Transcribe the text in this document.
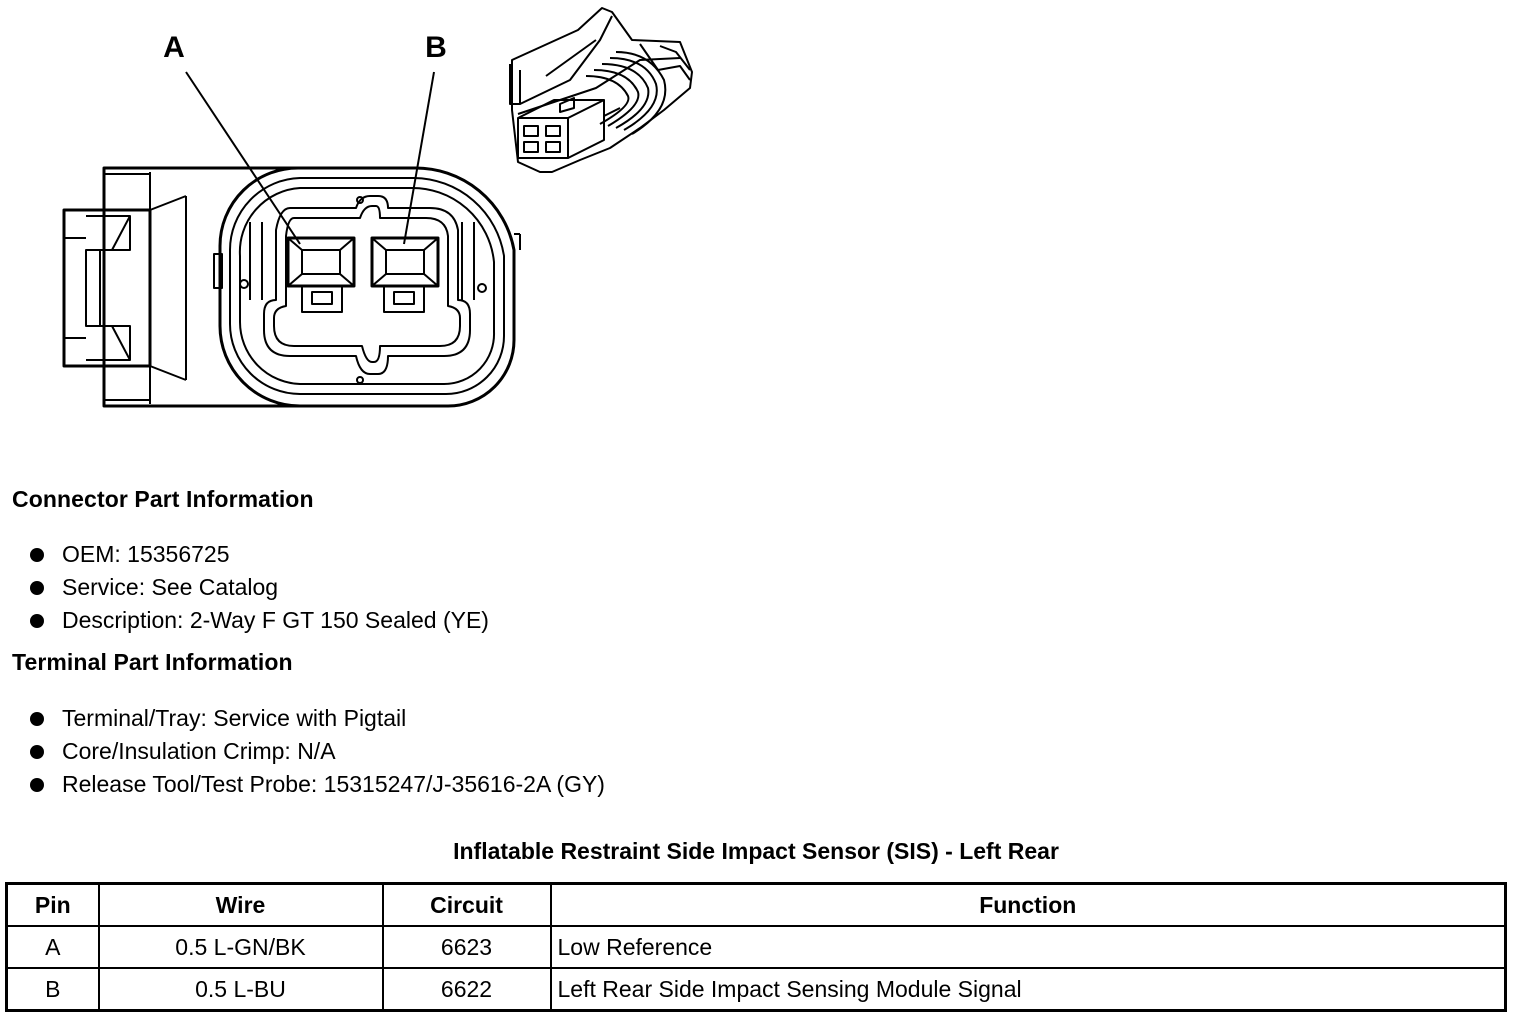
A	B
Connector Part Information
OEM: 15356725
Service: See Catalog
Description: 2-Way F GT 150 Sealed (YE)
Terminal Part Information
Terminal/Tray: Service with Pigtail
Core/Insulation Crimp: N/A
Release Tool/Test Probe: 15315247/J-35616-2A (GY)
Inflatable Restraint Side Impact Sensor (SIS) - Left Rear
Pin	Wire	Circuit	Function
A	0.5 L-GN/BK	6623	Low Reference
B	0.5 L-BU	6622	Left Rear Side Impact Sensing Module Signal
